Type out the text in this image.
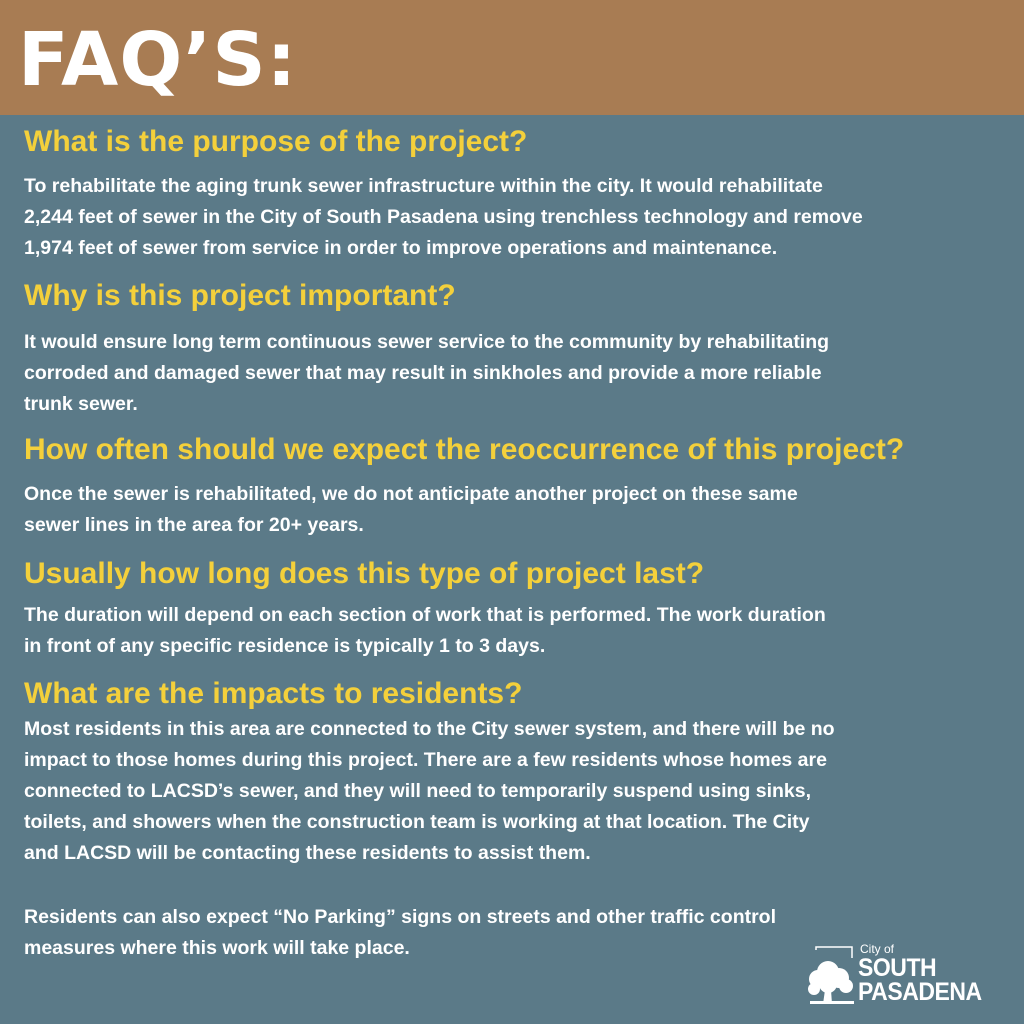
FAQ’S:
What is the purpose of the project?

To rehabilitate the aging trunk sewer infrastructure within the city. It would rehabilitate

2,244 feet of sewer in the City of South Pasadena using trenchless technology and remove

1,974 feet of sewer from service in order to improve operations and maintenance.

Why is this project important?

It would ensure long term continuous sewer service to the community by rehabilitating

corroded and damaged sewer that may result in sinkholes and provide a more reliable

trunk sewer.

How often should we expect the reoccurrence of this project?

Once the sewer is rehabilitated, we do not anticipate another project on these same

sewer lines in the area for 20+ years.

Usually how long does this type of project last?

The duration will depend on each section of work that is performed. The work duration

in front of any specific residence is typically 1 to 3 days.

What are the impacts to residents?

Most residents in this area are connected to the City sewer system, and there will be no

impact to those homes during this project. There are a few residents whose homes are

connected to LACSD’s sewer, and they will need to temporarily suspend using sinks,

toilets, and showers when the construction team is working at that location. The City

and LACSD will be contacting these residents to assist them.

Residents can also expect “No Parking” signs on streets and other traffic control

measures where this work will take place.	City of
SOUTH
PASADENA
